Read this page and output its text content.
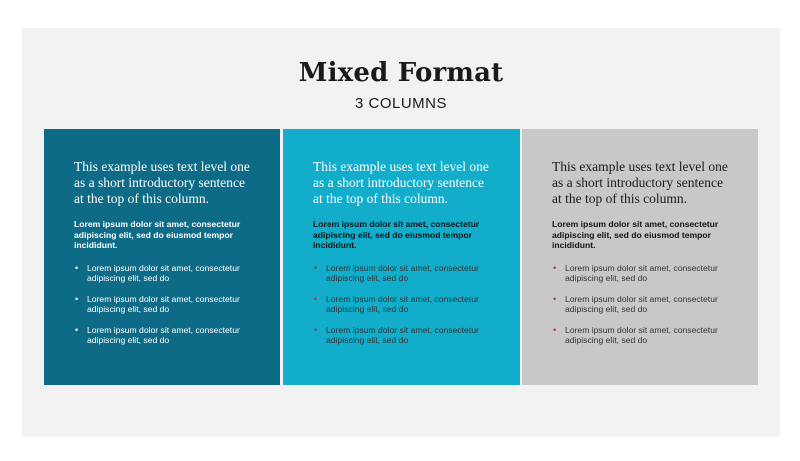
Mixed Format
3 COLUMNS

This example uses text level one as a short introductory sentence at the top of this column.

Lorem ipsum dolor sit amet, consectetur adipiscing elit, sed do eiusmod tempor incididunt.

• Lorem ipsum dolor sit amet, consectetur adipiscing elit, sed do
• Lorem ipsum dolor sit amet, consectetur adipiscing elit, sed do
• Lorem ipsum dolor sit amet, consectetur adipiscing elit, sed do

This example uses text level one as a short introductory sentence at the top of this column.

Lorem ipsum dolor sit amet, consectetur adipiscing elit, sed do eiusmod tempor incididunt.

• Lorem ipsum dolor sit amet, consectetur adipiscing elit, sed do
• Lorem ipsum dolor sit amet, consectetur adipiscing elit, sed do
• Lorem ipsum dolor sit amet, consectetur adipiscing elit, sed do

This example uses text level one as a short introductory sentence at the top of this column.

Lorem ipsum dolor sit amet, consectetur adipiscing elit, sed do eiusmod tempor incididunt.

• Lorem ipsum dolor sit amet, consectetur adipiscing elit, sed do
• Lorem ipsum dolor sit amet, consectetur adipiscing elit, sed do
• Lorem ipsum dolor sit amet, consectetur adipiscing elit, sed do
